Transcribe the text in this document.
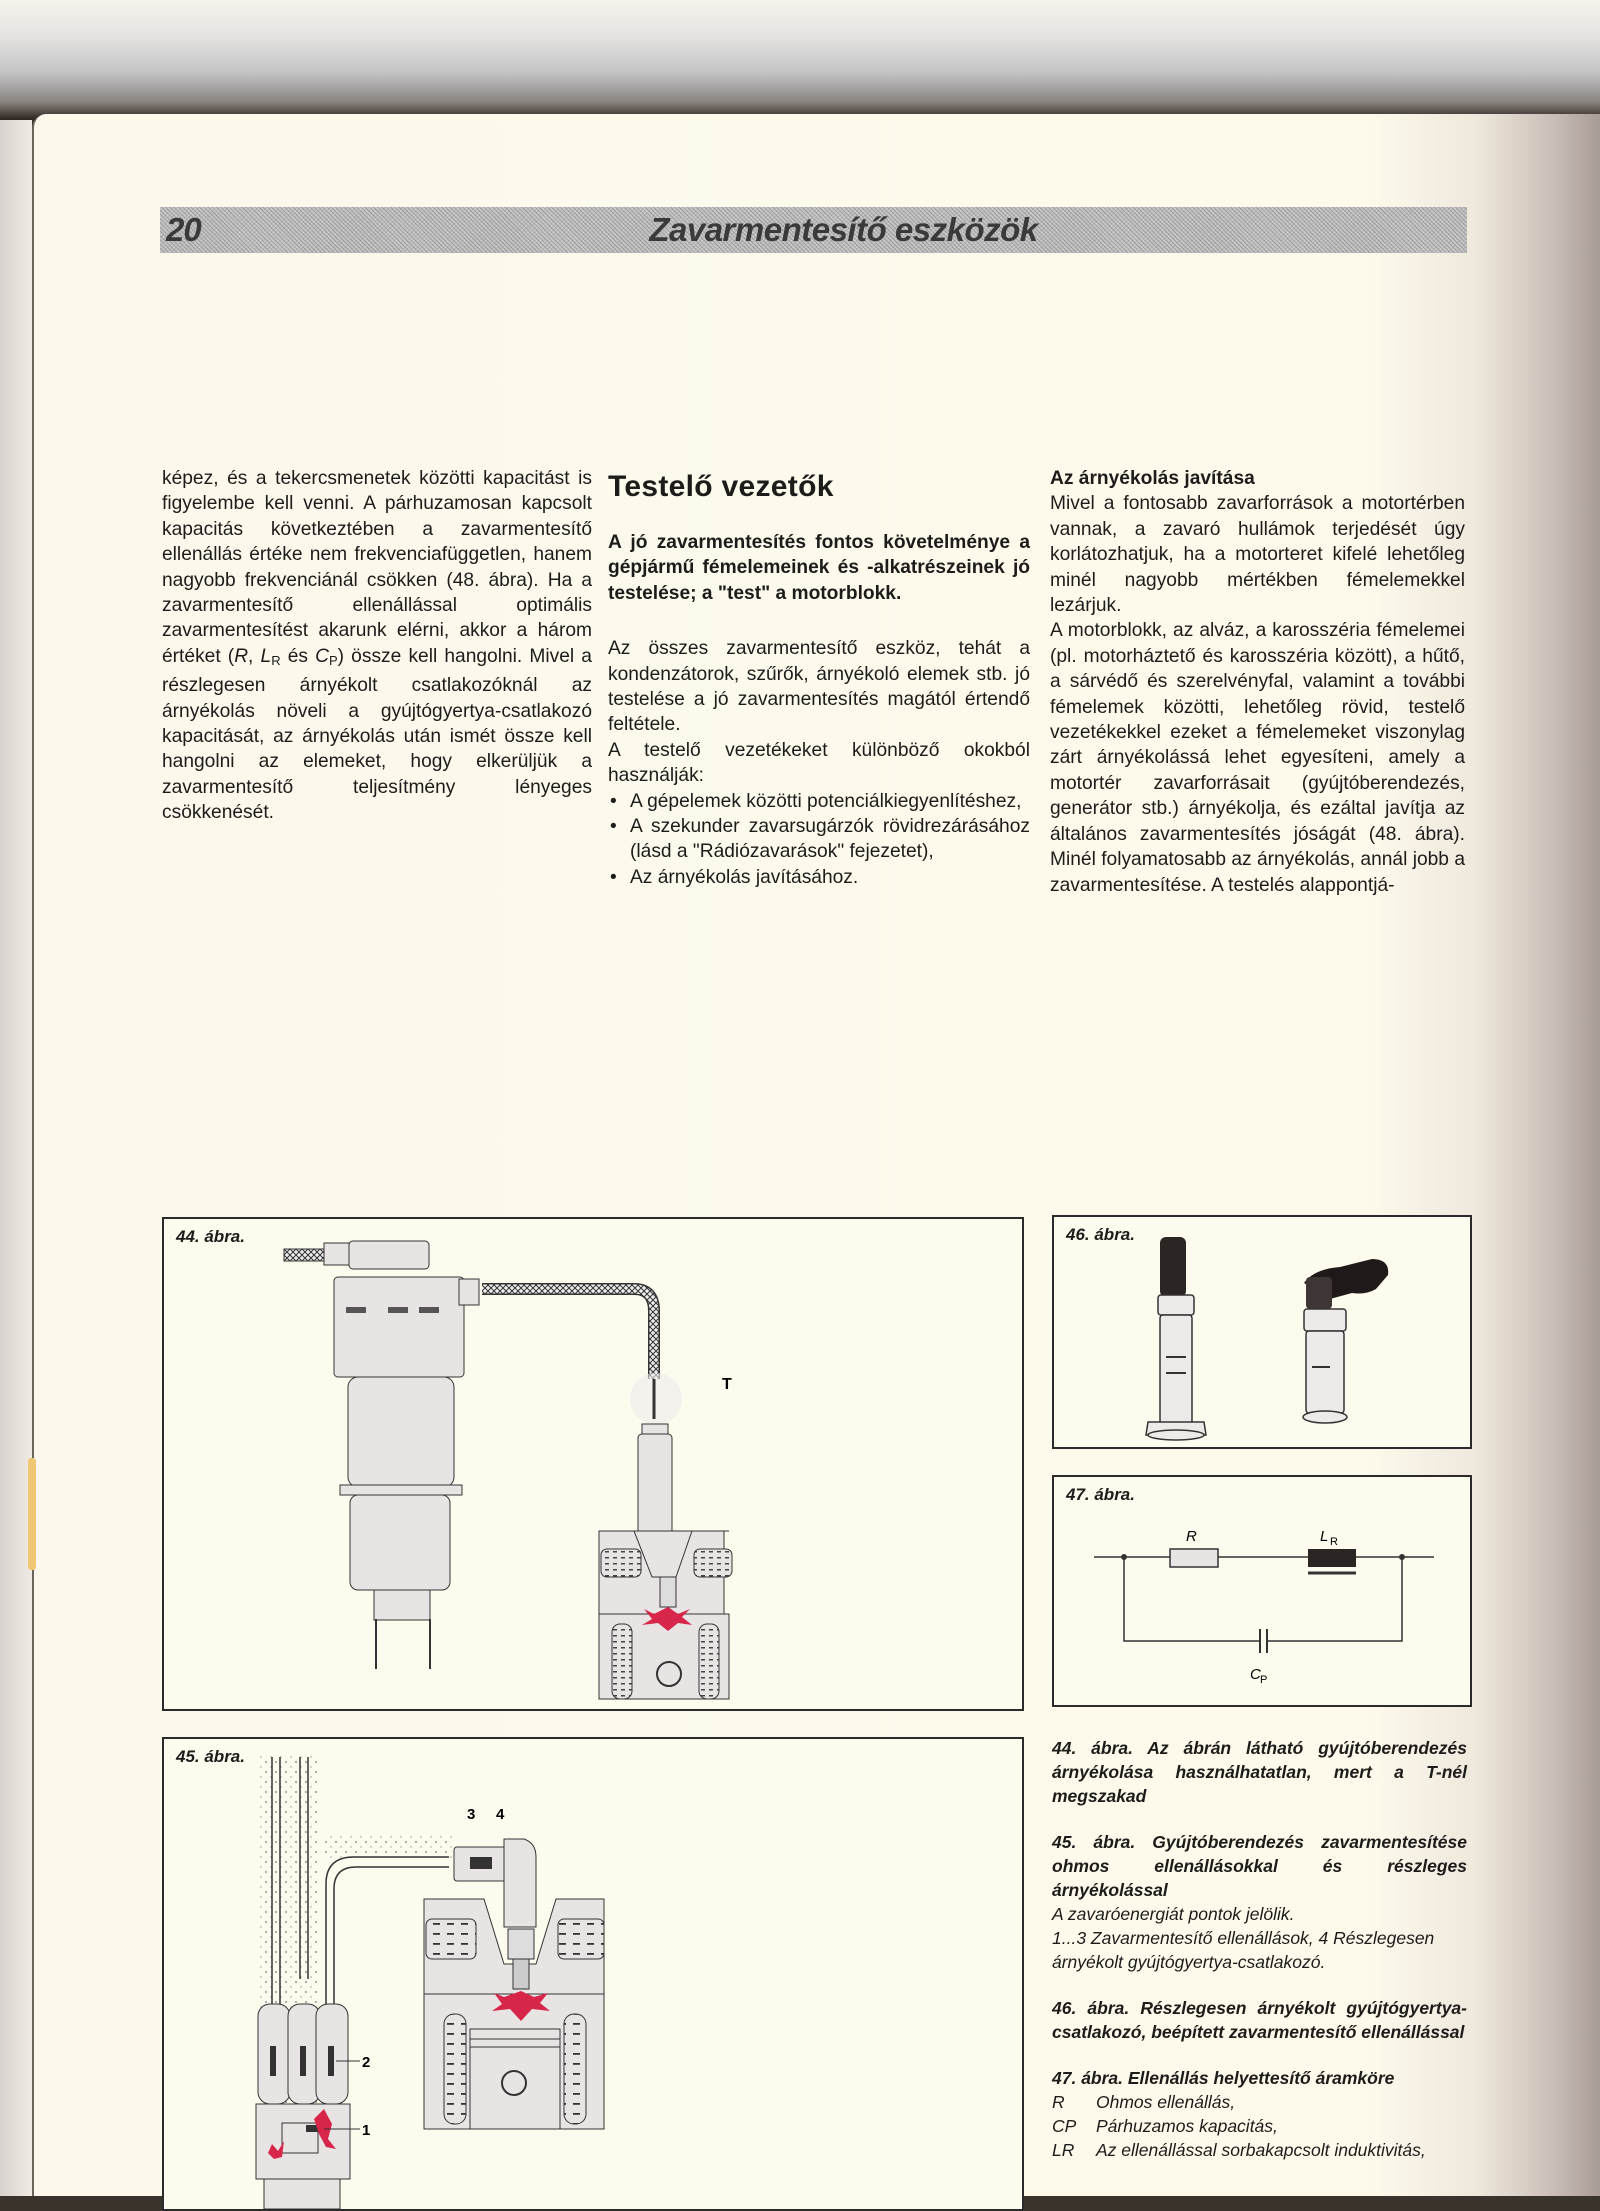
20	Zavarmentesítő eszközök

képez, és a tekercsmenetek közötti kapacitást is figyelembe kell venni. A párhuzamosan kapcsolt kapacitás következtében a zavarmentesítő ellenállás értéke nem frekvenciafüggetlen, hanem nagyobb frekvenciánál csökken (48. ábra). Ha a zavarmentesítő ellenállással optimális zavarmentesítést akarunk elérni, akkor a három értéket (R, $L_R$ és $C_P$) össze kell hangolni. Mivel a részlegesen árnyékolt csatlakozóknál az árnyékolás növeli a gyújtógyertya-csatlakozó kapacitását, az árnyékolás után ismét össze kell hangolni az elemeket, hogy elkerüljük a zavarmentesítő teljesítmény lényeges csökkenését.

Testelő vezetők

A jó zavarmentesítés fontos követelménye a gépjármű fémelemeinek és -alkatrészeinek jó testelése; a "test" a motorblokk.

Az összes zavarmentesítő eszköz, tehát a kondenzátorok, szűrők, árnyékoló elemek stb. jó testelése a jó zavarmentesítés magától értendő feltétele.

A testelő vezetékeket különböző okokból használják:

• A gépelemek közötti potenciálkiegyenlítéshez,
• A szekunder zavarsugárzók rövidrezárásához (lásd a "Rádiózavarások" fejezetet),
• Az árnyékolás javításához.
Az árnyékolás javítása

Mivel a fontosabb zavarforrások a motortérben vannak, a zavaró hullámok terjedését úgy korlátozhatjuk, ha a motorteret kifelé lehetőleg minél nagyobb mértékben fémelemekkel lezárjuk.

A motorblokk, az alváz, a karosszéria fémelemei (pl. motorháztető és karosszéria között), a hűtő, a sárvédő és szerelvényfal, valamint a további fémelemek közötti, lehetőleg rövid, testelő vezetékekkel ezeket a fémelemeket viszonylag zárt árnyékolássá lehet egyesíteni, amely a motortér zavarforrásait (gyújtóberendezés, generátor stb.) árnyékolja, és ezáltal javítja az általános zavarmentesítés jóságát (48. ábra). Minél folyamatosabb az árnyékolás, annál jobb a zavarmentesítése. A testelés alappontjá-

T
44. ábra.
2
1
3 4
45. ábra.
46. ábra.
R	L R
C P
47. ábra.
44. ábra. Az ábrán látható gyújtóberendezés árnyékolása használhatatlan, mert a T-nél megszakad
45. ábra. Gyújtóberendezés zavarmentesítése ohmos ellenállásokkal és részleges árnyékolással
A zavaróenergiát pontok jelölik.
1...3 Zavarmentesítő ellenállások, 4 Részlegesen árnyékolt gyújtógyertya-csatlakozó.
46. ábra. Részlegesen árnyékolt gyújtógyertya-csatlakozó, beépített zavarmentesítő ellenállással
47. ábra. Ellenállás helyettesítő áramköre
R	Ohmos ellenállás,
CP	Párhuzamos kapacitás,
LR	Az ellenállással sorbakapcsolt induktivitás,
